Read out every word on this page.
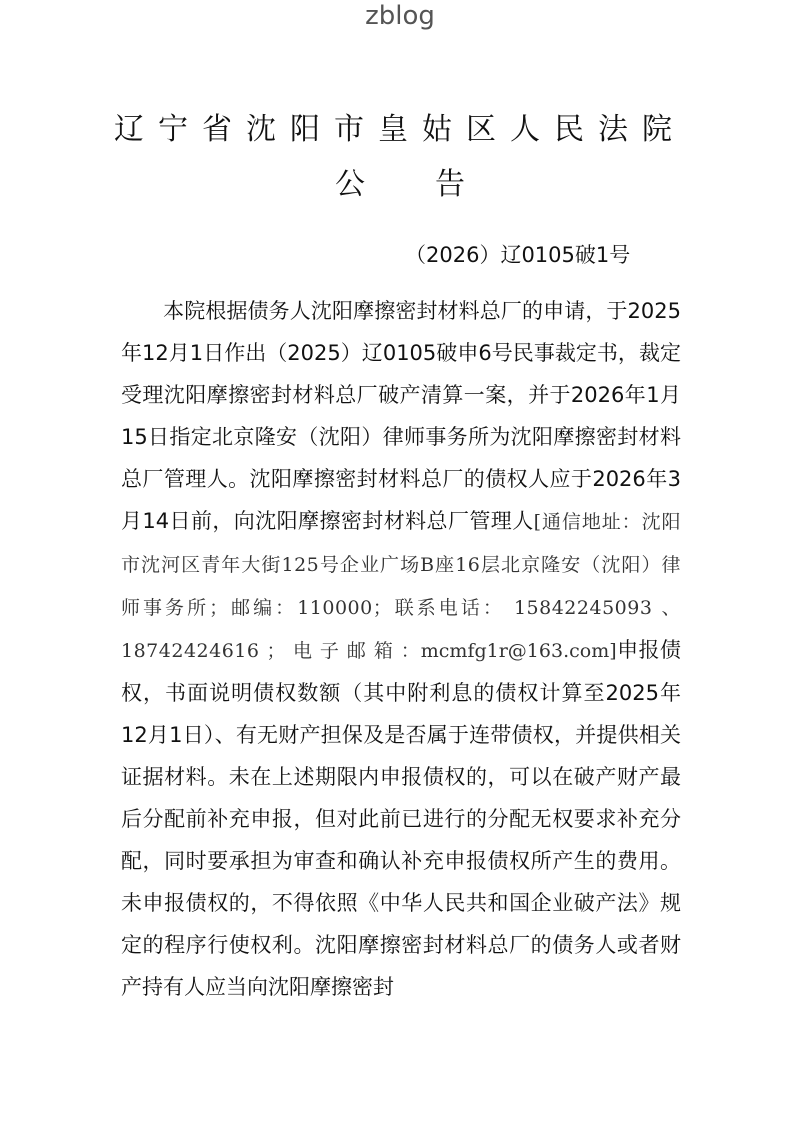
zblog
辽宁省沈阳市皇姑区人民法院
公 告
（2026）辽0105破1号
本院根据债务人沈阳摩擦密封材料总厂的申请，于2025年12月1日作出（2025）辽0105破申6号民事裁定书，裁定受理沈阳摩擦密封材料总厂破产清算一案，并于2026年1月15日指定北京隆安（沈阳）律师事务所为沈阳摩擦密封材料总厂管理人。沈阳摩擦密封材料总厂的债权人应于2026年3月14日前，向沈阳摩擦密封材料总厂管理人[通信地址：沈阳市沈河区青年大街125号企业广场B座16层北京隆安（沈阳）律师事务所；邮编：110000；联系电话： 15842245093 、 18742424616 ； 电 子 邮 箱 ：mcmfg1r@163.com]申报债权，书面说明债权数额（其中附利息的债权计算至2025年12月1日）、有无财产担保及是否属于连带债权，并提供相关证据材料。未在上述期限内申报债权的，可以在破产财产最后分配前补充申报，但对此前已进行的分配无权要求补充分配，同时要承担为审查和确认补充申报债权所产生的费用。未申报债权的，不得依照《中华人民共和国企业破产法》规定的程序行使权利。沈阳摩擦密封材料总厂的债务人或者财产持有人应当向沈阳摩擦密封
